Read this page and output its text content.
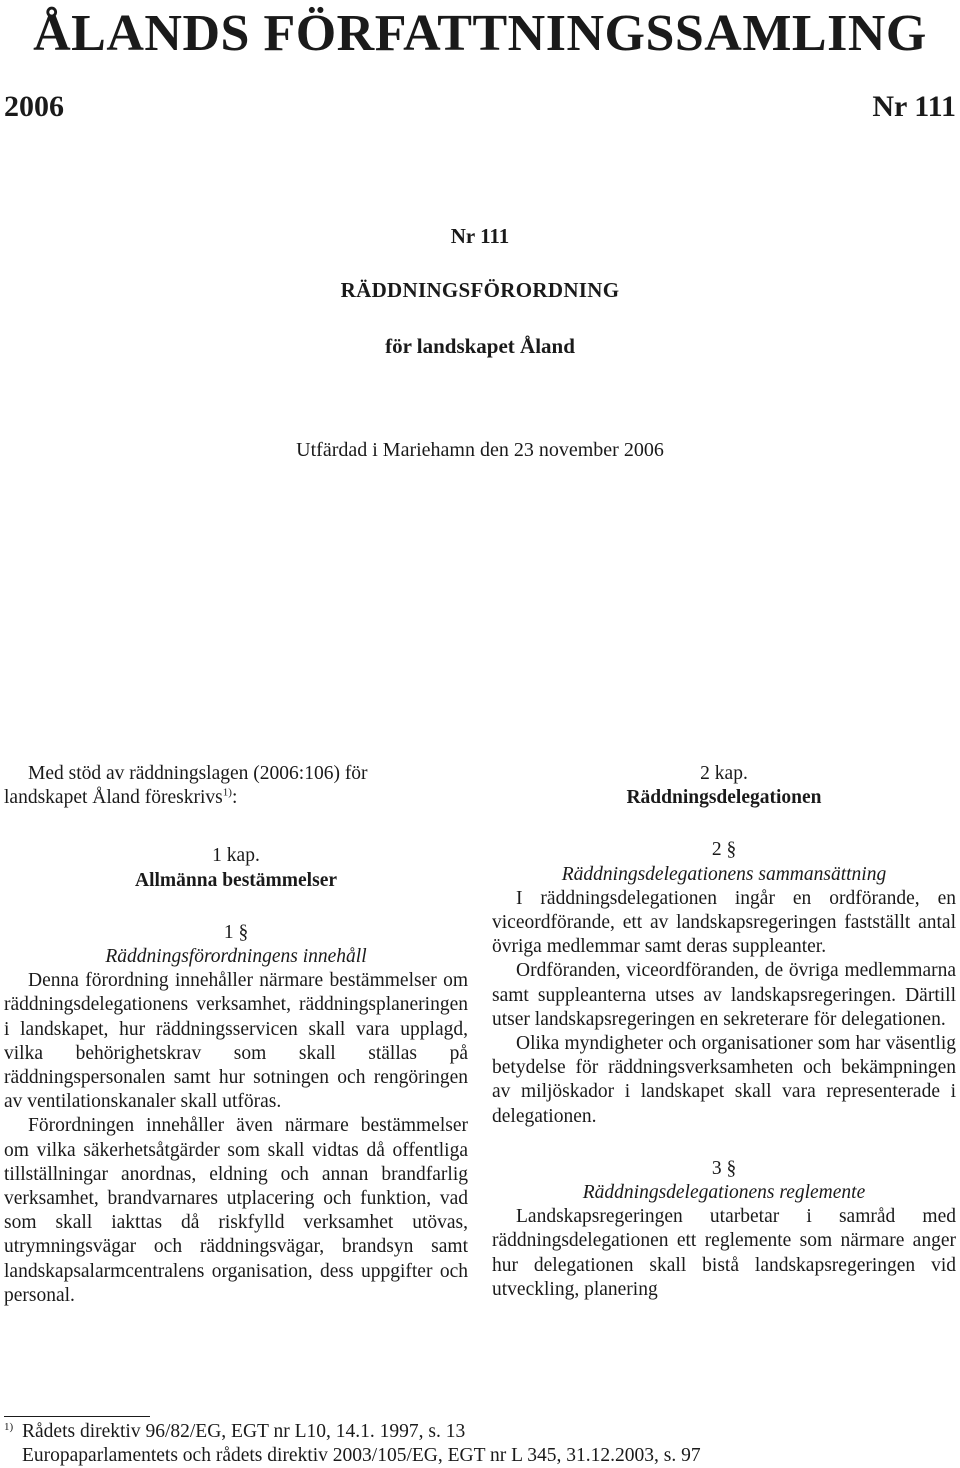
ÅLANDS FÖRFATTNINGSSAMLING
2006	Nr 111
Nr 111
RÄDDNINGSFÖRORDNING
för landskapet Åland
Utfärdad i Mariehamn den 23 november 2006

Med stöd av räddningslagen (2006:106) för

landskapet Åland föreskrivs$^{1)}$:

1 kap.

Allmänna bestämmelser

1 §

Räddningsförordningens innehåll

Denna förordning innehåller närmare bestämmelser om räddningsdelegationens verksamhet, räddningsplaneringen i landskapet, hur räddningsservicen skall vara upplagd, vilka behörighetskrav som skall ställas på räddningspersonalen samt hur sotningen och rengöringen av ventilationskanaler skall utföras.

Förordningen innehåller även närmare bestämmelser om vilka säkerhetsåtgärder som skall vidtas då offentliga tillställningar anordnas, eldning och annan brandfarlig verksamhet, brandvarnares utplacering och funktion, vad som skall iakttas då riskfylld verksamhet utövas, utrymningsvägar och räddningsvägar, brandsyn samt landskapsalarmcentralens organisation, dess uppgifter och personal.

2 kap.

Räddningsdelegationen

2 §

Räddningsdelegationens sammansättning

I räddningsdelegationen ingår en ordförande, en viceordförande, ett av landskapsregeringen fastställt antal övriga medlemmar samt deras suppleanter.

Ordföranden, viceordföranden, de övriga medlemmarna samt suppleanterna utses av landskapsregeringen. Därtill utser landskapsregeringen en sekreterare för delegationen.

Olika myndigheter och organisationer som har väsentlig betydelse för räddningsverksamheten och bekämpningen av miljöskador i landskapet skall vara representerade i delegationen.

3 §

Räddningsdelegationens reglemente

Landskapsregeringen utarbetar i samråd med räddningsdelegationen ett reglemente som närmare anger hur delegationen skall bistå landskapsregeringen vid utveckling, planering

1) Rådets direktiv 96/82/EG, EGT nr L10, 14.1. 1997, s. 13

Europaparlamentets och rådets direktiv 2003/105/EG, EGT nr L 345, 31.12.2003, s. 97
